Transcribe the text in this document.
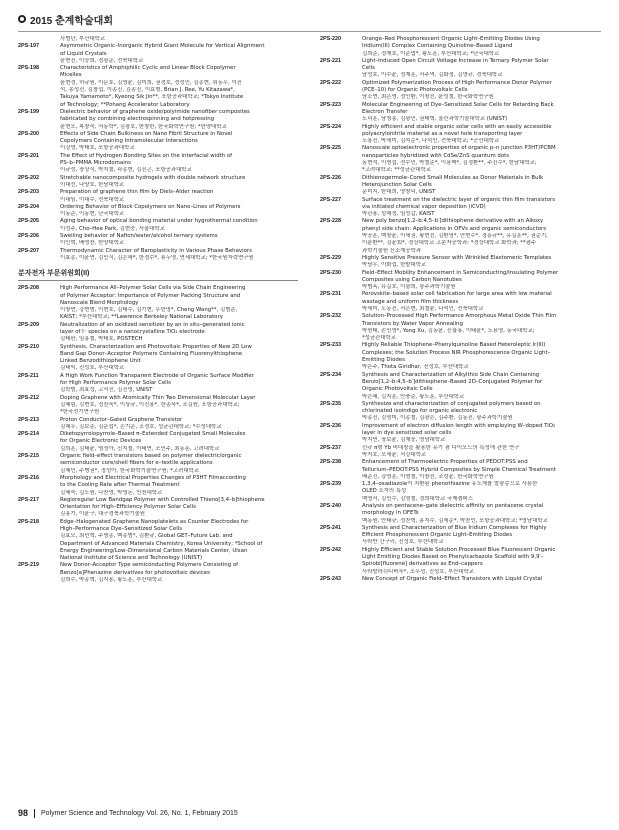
2015 춘계학술대회
사범단, 부산대학교
2PS-197	Asymmetric Organic–Inorganic Hybrid Giant Molecule for Vertical Alignment
of Liquid Crystals
윤현진, 이승희, 정광운, 전북대학교
2PS-198	Characteristics of Amphiphilic Cyclic and Linear Block Copolymer
Micelles
윤현경, 허규원, 이문호, 김영윤, 김미희, 권경호, 정성민, 김종현, 위동우, 이진
석, 송성진, 김창섭, 이종진, 김종진, 이효형, Brian J. Ree, Yu Kitazawa*,
Takuya Yamamoto*, Kyeong Sik Jin**, 포항공과대학교; *Tokyo Institute
of Technology; **Pohang Accelerator Laboratory
2PS-199	Dielectric behavior of graphene oxide/polyimide nanofiber composites
fabricated by combining electrospinning and hotpressing
윤현오, 복창숙, 서동학*, 김광호, 한창한, 한국화학연구원; *한양대학교
2PS-200	Effects of Side Chain Bulkiness on Nano Fibril Structure in Novel
Copolymers Containing Intramolecular Interactions
이강영, 박태호, 포항공과대학교
2PS-201	The Effect of Hydrogen Bonding Sites on the interfacial width of
PS–b–PMMA Microdomains
이규성, 장상식, 박지철, 곽종현, 김진곤, 포항공과대학교
2PS-202	Stretchable nanocomposite hydrogels with double network structure
이대선, 나양호, 한남대학교
2PS-203	Preparation of graphene thin film by Diels–Alder reaction
이대임, 이대수, 전북대학교
2PS-204	Ordering Behavior of Block Copolymers on Nano–Lines of Polymers
이동준, 이동현, 단국대학교
2PS-205	Aging behavior of optical bonding material under hygrothermal condition
이성주, Cho–Hee Park, 김현중, 서울대학교
2PS-206	Swelling behavior of Nafion/water/alcohol ternary systems
이인혁, 배영찬, 한양대학교
2PS-207	Thermodynamic Character of Baroplasticity in Various Phase Behaviors
이효종, 이윤연, 김민식, 김은혜*, 한정수*, 류두영, 연세대학교; *한국원자력연구원
분자전자 부문위원회(II)
2PS-208	High Performance All–Polymer Solar Cells via Side Chain Engineering
of Polymer Acceptor: Importance of Polymer Packing Structure and
Nanoscale Blend Morphology
이창연, 강현범, 이현호, 김태수, 김기현, 우한영*, Cheng Wang**, 김범준,
KAIST; *부산대학교; **Lawrence Berkeley National Laboratory
2PS-209	Neutralization of an oxidized sensitizer by an in situ–generated ionic
layer of I⁻ species on a nanocrystalline TiO₂ electrode
김태완, 임홍철, 박태호, POSTECH
2PS-210	Synthesis, Characterization and Photovoltaic Properties of New 2D Low
Band Gap Donor–Acceptor Polymers Containing Fluorenylthiophene
Linked Benzodithiophene Unit
김태익, 진성호, 부산대학교
2PS-211	A High Work Function Transparent Electrode of Organic Surface Modifier
for High Performance Polymer Solar Cells
김학범, 최효성, 고서진, 김진영, UNIST
2PS-212	Doping Graphene with Atomically Thin Two Dimensional Molecular Layer
김혜림, 김현호, 정찬욱*, 이상규, 이진용*, 한종욱*, 조길원, 포항공과대학교;
*한국전기연구원
2PS-213	Proton Conductor–Gated Graphene Transistor
김혜우, 김보준, 김운섭*, 손기운, 조정호, 성균관대학교; *수성대학교
2PS-214	Diketopyrrolopyrrole–Based π–Extended Conjugated Small Molecules
for Organic Electronic Devices
김희훈, 김태윤, 염정아, 신지철, 이태연, 조민주, 최동훈, 고려대학교
2PS-215	Organic field–effect transistors based on polymer dielectric/organic
semiconductor core/shell fibers for e–textile applications
김혜민, 주병권*, 정성아, 한국화학기술연구원; *고려대학교
2PS-216	Morphology and Electrical Properties Changes of P3HT Filmaccording
to the Cooling Rate after Thermal Treatment
김혜숙, 김도원, 나찬영, 박영돈, 인천대학교
2PS-217	Regioregular Low Bandgap Polymer with Controlled Thieno[3,4–b]thiophene
Orientation for High–Efficiency Polymer Solar Cells
김홍기, 이윤구, 대구경북과학기술원
2PS-218	Edge–Halogenated Graphene Nanoplatelets as Counter Electrodes for
High–Performance Dye–Sensitized Solar Cells
김효모, 최민혁, 주명종, 백종범*, 김환규, Global GET–Future Lab. and
Department of Advanced Materials Chemistry, Korea University; *School of
Energy Engineering/Low–Dimensional Carbon Materials Center, Ulsan
National Institute of Science and Technology (UNIST)
2PS-219	New Donor–Acceptor Type semiconducting Polymers Consisting of
Benzo[a]Phenazine derivatives for photovoltaic devices
김희수, 박종혁, 김지용, 황도훈, 부산대학교
2PS-220	Orange–Red Phosphorescent Organic Light–Emitting Diodes Using
Iridium(III) Complex Containing Quinoline–Based Ligand
김희준, 정재호, 이준엽*, 황도훈, 부산대학교; *단국대학교
2PS-221	Light–Induced Open Circuit Voltage Increase in Ternary Polymer Solar
Cells
남성호, 이수윤, 정재훈, 서주역, 김화정, 김영규, 경북대학교
2PS-222	Optimized Polymerization Process of High Performance Donor Polymer
(PCE–10) for Organic Photovoltaic Cells
남소연, 최은영, 정인환, 이창진, 윤성철, 한국화학연구원
2PS-223	Molecular Engineering of Dye–Sensitized Solar Cells for Retarding Back
Electron Transfer
노덕훈, 남청송, 김광민, 권태혁, 울산과학기술대학교 (UNIST)
2PS-224	Highly efficient and stable organic solar cells with an easily accessible
polyacrylonitrile material as a novel hole transporting layer
노용진, 박세미, 김석순*, 나석인, 전북대학교; *군산대학교
2PS-225	Nanoscale optoelectronic properties of organic p–n junction P3HT/PCBM
nanoparticles hybridized with CdSe/ZnS quantum dots
동현석, 이명섭, 전수민, 박철준*, 이용백*, 김정환**, 주진수*, 한남대학교;
*고려대학교; **성균관대학교
2PS-226	Dithienogermole–Cored Small Molecules as Donor Materials in Bulk
Heterojunction Solar Cells
문미지, 한대희, 양창덕, UNIST
2PS-227	Surface treatment on the dielectric layer of organic thin film transistors
via initiated chemical vapor deposition (iCVD)
박관용, 성해정, 임성갑, KAIST
2PS-228	New poly benzo[1,2–b:4,5–b′]dithiophene derivative with an Alkoxy
phenyl side chain: Applications in OFVs and organic semiconductors
박공훈, 백창윤, 이세권, 황현진, 김환녕*, 안현수*, 경흥규**, 유길훈**, 권순기,
이윤환**, 김윤회*, 경상대학교 고분자공학과; *경상대학교 화학과; **광주
과학기술원 신소재공학과
2PS-229	Highly Sensitive Pressure Sensor with Wrinkled Elastomeric Templates
박남우, 이화섭, 한밭대학교
2PS-230	Field–Effect Mobility Enhancement in Semiconducting/Insulating Polymer
Composites using Carbon Nanotubes
박범옥, 유길호, 이광희, 광주과학기술원
2PS-231	Perovskite–based solar cell fabrication for large area with low material
wastage and uniform film thickness
박세미, 노동진, 서은현, 최철윤, 나석인, 전북대학교
2PS-232	Solution–Processed High Performance Amorphous Metal Oxide Thin Film
Transistors by Water Vapor Annealing
박원태, 손인영*, Yong Xu, 김동윤, 신율휴, 이태윤*, 노용영, 동국대학교;
*성균관대학교
2PS-233	Highly Reliable Thiophene–Phenylquinoline Based Heteroleptic Ir(III)
Complexes; the Solution Process NIR Phosphorescence Organic Light–
Emitting Diodes
박은주, Thota Giridhar, 진성호, 부산대학교
2PS-234	Synthesis and Characterization of Alkylthio Side Chain Containing
Benzo[1,2–b:4,5–b′]dithiophene–Based 2D–Conjugated Polymer for
Organic Photovoltaic Cells
박은혜, 김지훈, 안충준, 황도훈, 부산대학교
2PS-235	Synthesize and characterization of conjugated polymers based on
chlorinated isoindigo for organic electronic
박종진, 김영미, 이종철, 김광은, 김주환, 김동진, 광주과학기술원
2PS-236	Improvement of electron diffusion length with employing W–doped TiO₂
layer in dye sensitized solar cells
박지연, 장보윤, 김재웅, 영남대학교
2PS-237	신규 π형 Yb 비대칭을 활용한 유기 광 다이오드의 특성에 관한 연구
박지호, 오세윤, 서강대학교
2PS-238	Enhancement of Thermoelectric Properties of PEDOT:PSS and
Tellurium–PEDOT:PSS Hybrid Composites by Simple Chemical Treatment
배준진, 강영훈, 이명철, 이창진, 조성윤, 한국화학연구원
2PS-239	1,3,4–oxadiazole이 치환된 phenothiazine 유도체를 발광층으로 사용한
OLED 소자의 특성
백영서, 김민수, 김영철, 경희대학교 국제캠퍼스
2PS-240	Analysis on pentacene–gate dielectric affinity on pentacene crystal
morphology in OFETs
백동원, 안태규, 정찬혁, 홍지수, 김세준*, 박찬언, 포항공과대학교; *영남대학교
2PS-241	Synthesis and Characterization of Blue Iridium Complexes for Highly
Efficient Phosphorescent Organic Light–Emitting Diodes
사라반 간구리, 진성호, 부산대학교
2PS-242	Highly Efficient and Stable Solution Processed Blue Fluorescent Organic
Light Emitting Diodes Based on Phenylcarbazole Scaffold with 9,9′–
Spirobi[fluorene] derivatives as End–cappers
사라발라쉬디버루*, 조우성, 진성호, 부산대학교
2PS-243	New Concept of Organic Field–Effect Transistors with Liquid Crystal
98 Polymer Science and Technology Vol. 26, No. 1, February 2015
